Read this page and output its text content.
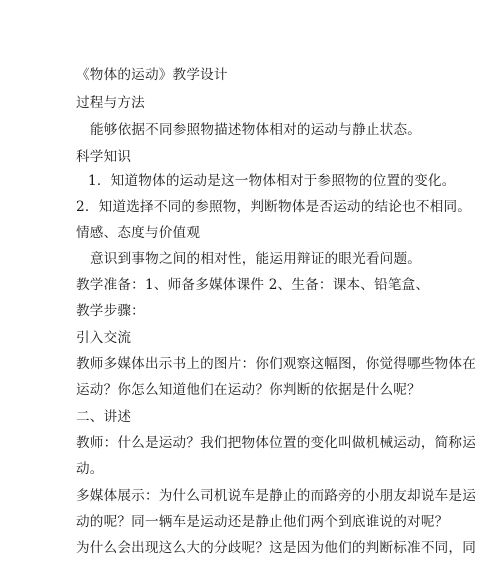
《物体的运动》教学设计
过程与方法
能够依据不同参照物描述物体相对的运动与静止状态。
科学知识
1．知道物体的运动是这一物体相对于参照物的位置的变化。
2．知道选择不同的参照物，判断物体是否运动的结论也不相同。
情感、态度与价值观
意识到事物之间的相对性，能运用辩证的眼光看问题。
教学准备：1、师备多媒体课件 2、生备：课本、铅笔盒、
教学步骤：
引入交流
教师多媒体出示书上的图片：你们观察这幅图，你觉得哪些物体在
运动？你怎么知道他们在运动？你判断的依据是什么呢？
二、讲述
教师：什么是运动？我们把物体位置的变化叫做机械运动，简称运
动。
多媒体展示：为什么司机说车是静止的而路旁的小朋友却说车是运
动的呢？同一辆车是运动还是静止他们两个到底谁说的对呢？
为什么会出现这么大的分歧呢？这是因为他们的判断标准不同，同
